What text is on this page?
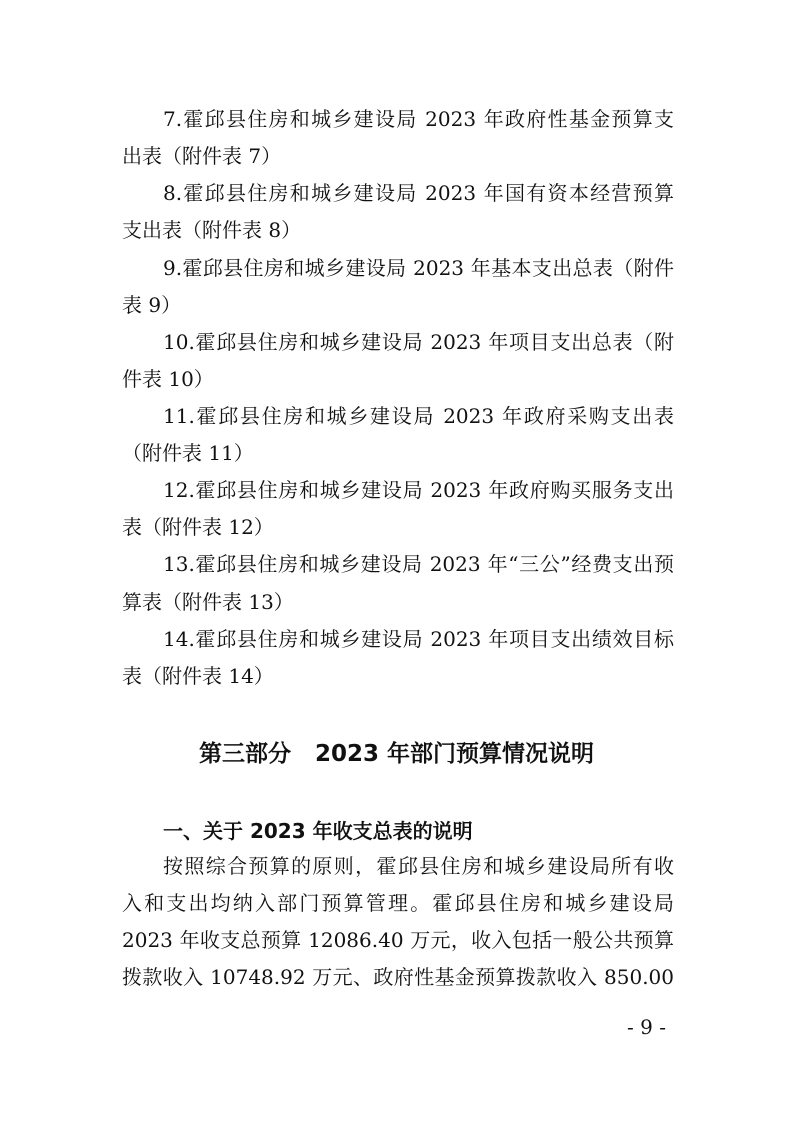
7.霍邱县住房和城乡建设局 2023 年政府性基金预算支
出表（附件表 7）
8.霍邱县住房和城乡建设局 2023 年国有资本经营预算
支出表（附件表 8）
9.霍邱县住房和城乡建设局 2023 年基本支出总表（附件
表 9）
10.霍邱县住房和城乡建设局 2023 年项目支出总表（附
件表 10）
11.霍邱县住房和城乡建设局 2023 年政府采购支出表
（附件表 11）
12.霍邱县住房和城乡建设局 2023 年政府购买服务支出
表（附件表 12）
13.霍邱县住房和城乡建设局 2023 年“三公”经费支出预
算表（附件表 13）
14.霍邱县住房和城乡建设局 2023 年项目支出绩效目标
表（附件表 14）
第三部分   2023 年部门预算情况说明
一、关于 2023 年收支总表的说明
按照综合预算的原则，霍邱县住房和城乡建设局所有收
入和支出均纳入部门预算管理。霍邱县住房和城乡建设局
2023 年收支总预算 12086.40 万元，收入包括一般公共预算
拨款收入 10748.92 万元、政府性基金预算拨款收入 850.00
- 9 -
